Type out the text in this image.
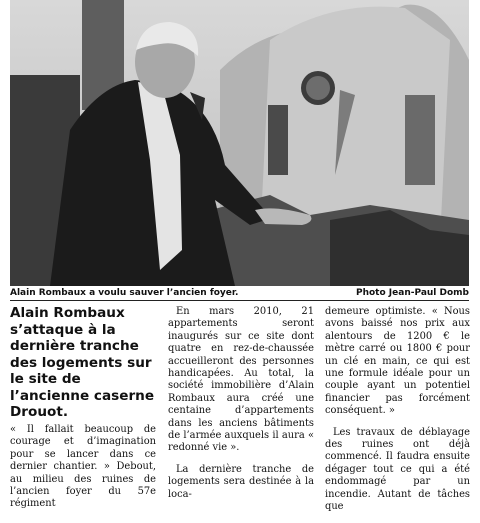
Alain Rombaux a voulu sauver l’ancien foyer.	Photo Jean-Paul Domb
Alain Rombaux s’attaque à la dernière tranche des logements sur le site de l’ancienne caserne Drouot.

« Il fallait beaucoup de courage et d’imagination pour se lancer dans ce dernier chantier. » Debout, au milieu des ruines de l’ancien foyer du 57e régiment

En mars 2010, 21 appartements seront inaugurés sur ce site dont quatre en rez-de-chaussée accueilleront des personnes handicapées. Au total, la société immobilière d’Alain Rombaux aura créé une centaine d’appartements dans les anciens bâtiments de l’armée auxquels il aura « redonné vie ».

La dernière tranche de logements sera destinée à la loca-

demeure optimiste. « Nous avons baissé nos prix aux alentours de 1200 € le mètre carré ou 1800 € pour un clé en main, ce qui est une formule idéale pour un couple ayant un potentiel financier pas forcément conséquent. »

Les travaux de déblayage des ruines ont déjà commencé. Il faudra ensuite dégager tout ce qui a été endommagé par un incendie. Autant de tâches que
